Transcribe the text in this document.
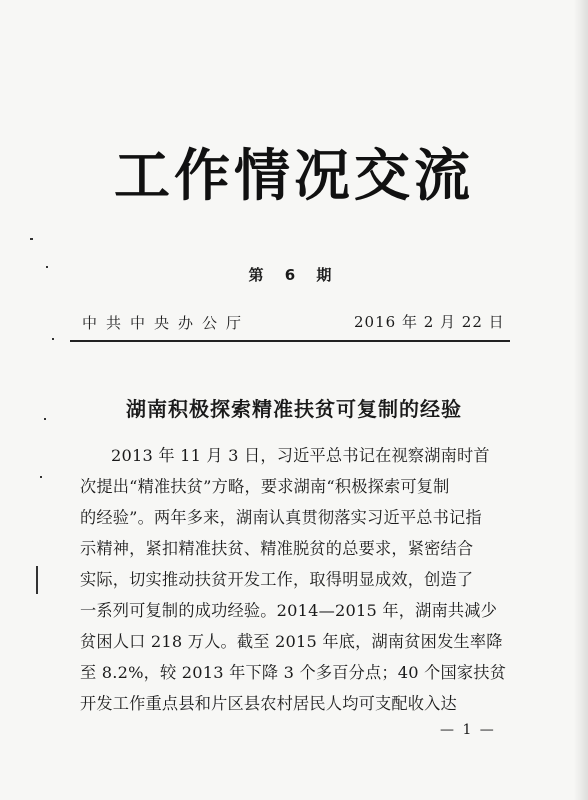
工作情况交流
第 6 期
中共中央办公厅	2016 年 2 月 22 日
湖南积极探索精准扶贫可复制的经验
2013 年 11 月 3 日，习近平总书记在视察湖南时首
次提出“精准扶贫”方略，要求湖南“积极探索可复制
的经验”。两年多来，湖南认真贯彻落实习近平总书记指
示精神，紧扣精准扶贫、精准脱贫的总要求，紧密结合
实际，切实推动扶贫开发工作，取得明显成效，创造了
一系列可复制的成功经验。2014—2015 年，湖南共减少
贫困人口 218 万人。截至 2015 年底，湖南贫困发生率降
至 8.2%，较 2013 年下降 3 个多百分点；40 个国家扶贫
开发工作重点县和片区县农村居民人均可支配收入达
— 1 —
